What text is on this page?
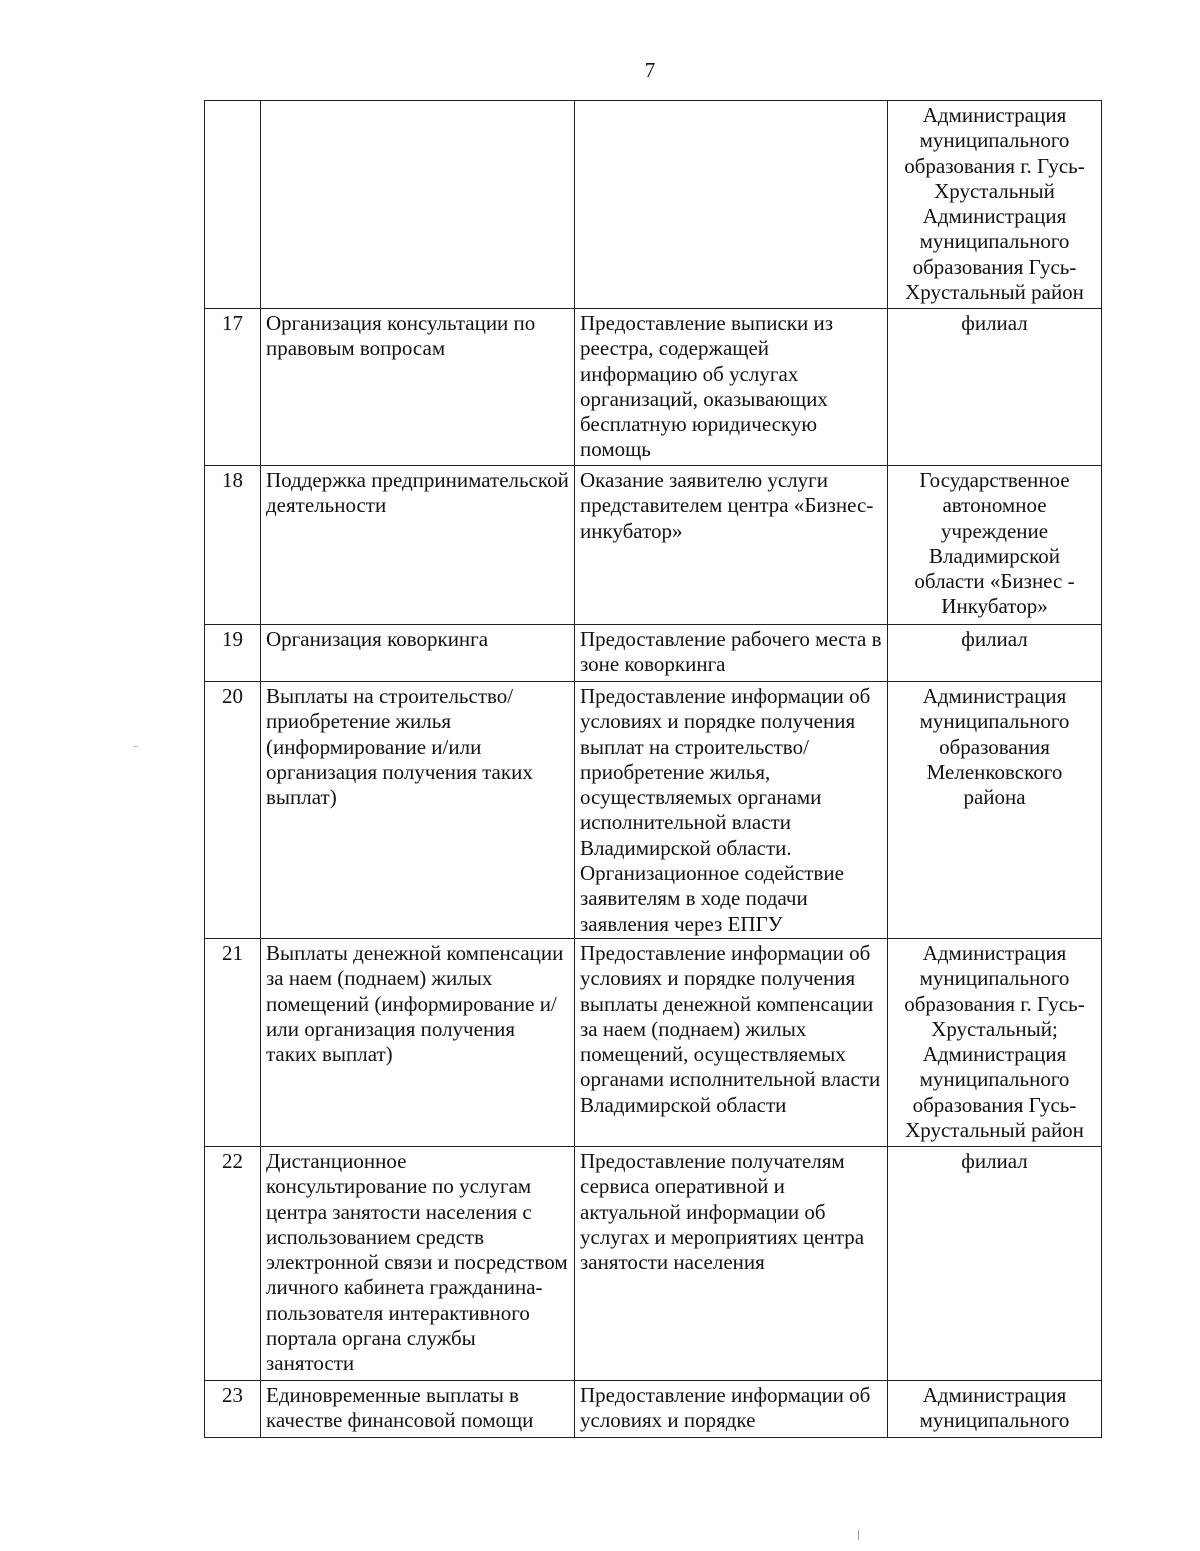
7
			Администрация муниципального образования г. Гусь-Хрустальный Администрация муниципального образования Гусь-Хрустальный район
17	Организация консультации по правовым вопросам	Предоставление выписки из реестра, содержащей информацию об услугах организаций, оказывающих бесплатную юридическую помощь	филиал
18	Поддержка предпринимательской деятельности	Оказание заявителю услуги представителем центра «Бизнес-инкубатор»	Государственное автономное учреждение Владимирской области «Бизнес - Инкубатор»
19	Организация коворкинга	Предоставление рабочего места в зоне коворкинга	филиал
20	Выплаты на строительство/приобретение жилья (информирование и/или организация получения таких выплат)	Предоставление информации об условиях и порядке получения выплат на строительство/приобретение жилья, осуществляемых органами исполнительной власти Владимирской области. Организационное содействие заявителям в ходе подачи заявления через ЕПГУ	Администрация муниципального образования Меленковского района
21	Выплаты денежной компенсации за наем (поднаем) жилых помещений (информирование и/или организация получения таких выплат)	Предоставление информации об условиях и порядке получения выплаты денежной компенсации за наем (поднаем) жилых помещений, осуществляемых органами исполнительной власти Владимирской области	Администрация муниципального образования г. Гусь-Хрустальный; Администрация муниципального образования Гусь-Хрустальный район
22	Дистанционное консультирование по услугам центра занятости населения с использованием средств электронной связи и посредством личного кабинета гражданина-пользователя интерактивного портала органа службы занятости	Предоставление получателям сервиса оперативной и актуальной информации об услугах и мероприятиях центра занятости населения	филиал
23	Единовременные выплаты в качестве финансовой помощи	Предоставление информации об условиях и порядке	Администрация муниципального
